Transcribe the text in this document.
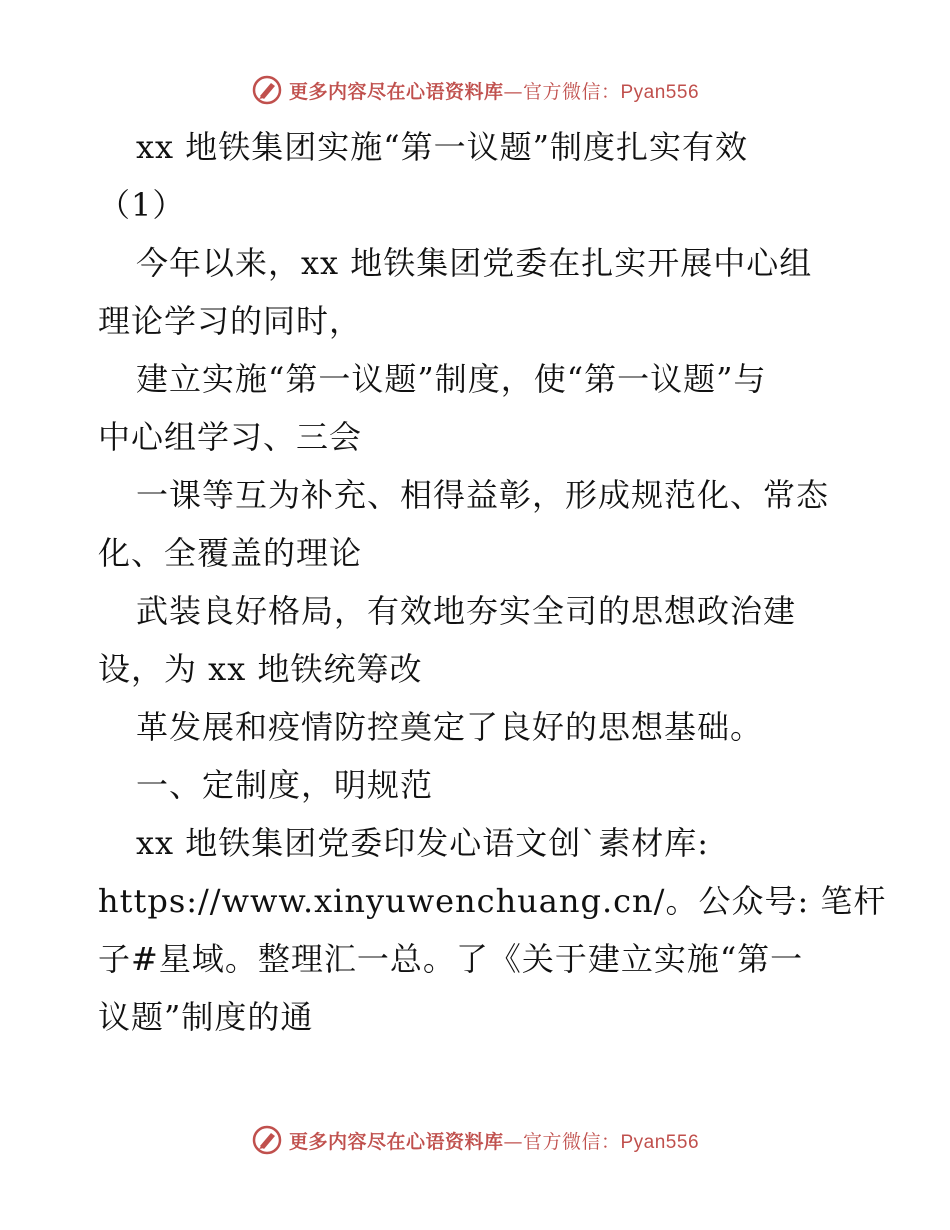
更多内容尽在心语资料库—官方微信：Pyan556
xx 地铁集团实施“第一议题”制度扎实有效
（1）
今年以来，xx 地铁集团党委在扎实开展中心组
理论学习的同时，
建立实施“第一议题”制度，使“第一议题”与
中心组学习、三会
一课等互为补充、相得益彰，形成规范化、常态
化、全覆盖的理论
武装良好格局，有效地夯实全司的思想政治建
设，为 xx 地铁统筹改
革发展和疫情防控奠定了良好的思想基础。
一、定制度，明规范
xx 地铁集团党委印发心语文创`素材库:
https://www.xinyuwenchuang.cn/。公众号: 笔杆
子#星域。整理汇一总。了《关于建立实施“第一
议题”制度的通
更多内容尽在心语资料库—官方微信：Pyan556
